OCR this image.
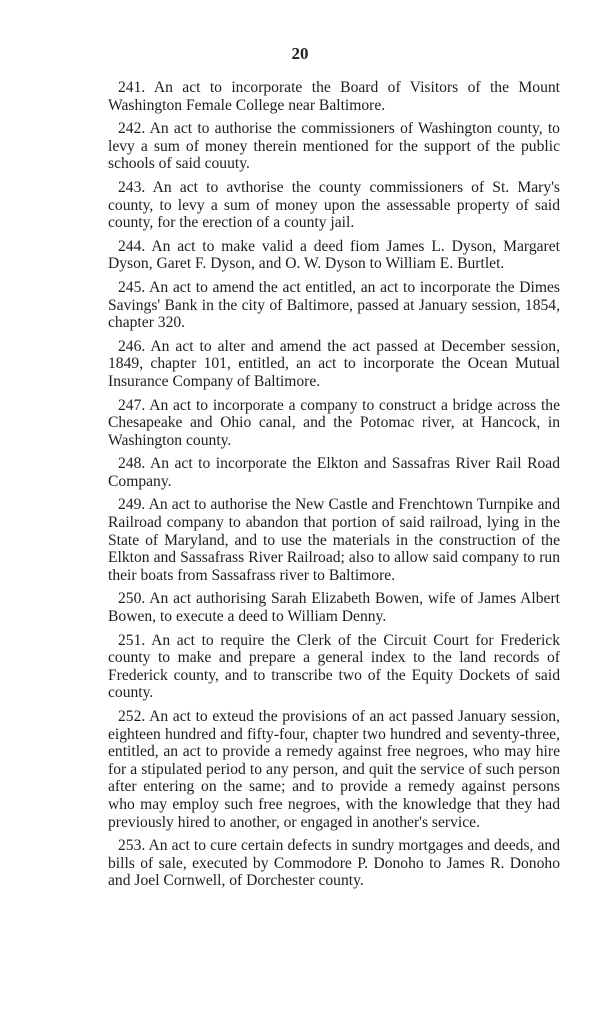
20

241. An act to incorporate the Board of Visitors of the Mount Washington Female College near Baltimore.

242. An act to authorise the commissioners of Washington county, to levy a sum of money therein mentioned for the support of the public schools of said couuty.

243. An act to avthorise the county commissioners of St. Mary's county, to levy a sum of money upon the assessable property of said county, for the erection of a county jail.

244. An act to make valid a deed fiom James L. Dyson, Margaret Dyson, Garet F. Dyson, and O. W. Dyson to William E. Burtlet.

245. An act to amend the act entitled, an act to incorporate the Dimes Savings' Bank in the city of Baltimore, passed at January session, 1854, chapter 320.

246. An act to alter and amend the act passed at December session, 1849, chapter 101, entitled, an act to incorporate the Ocean Mutual Insurance Company of Baltimore.

247. An act to incorporate a company to construct a bridge across the Chesapeake and Ohio canal, and the Potomac river, at Hancock, in Washington county.

248. An act to incorporate the Elkton and Sassafras River Rail Road Company.

249. An act to authorise the New Castle and Frenchtown Turnpike and Railroad company to abandon that portion of said railroad, lying in the State of Maryland, and to use the materials in the construction of the Elkton and Sassafrass River Railroad; also to allow said company to run their boats from Sassafrass river to Baltimore.

250. An act authorising Sarah Elizabeth Bowen, wife of James Albert Bowen, to execute a deed to William Denny.

251. An act to require the Clerk of the Circuit Court for Frederick county to make and prepare a general index to the land records of Frederick county, and to transcribe two of the Equity Dockets of said county.

252. An act to exteud the provisions of an act passed January session, eighteen hundred and fifty-four, chapter two hundred and seventy-three, entitled, an act to provide a remedy against free negroes, who may hire for a stipulated period to any person, and quit the service of such person after entering on the same; and to provide a remedy against persons who may employ such free negroes, with the knowledge that they had previously hired to another, or engaged in another's service.

253. An act to cure certain defects in sundry mortgages and deeds, and bills of sale, executed by Commodore P. Donoho to James R. Donoho and Joel Cornwell, of Dorchester county.
